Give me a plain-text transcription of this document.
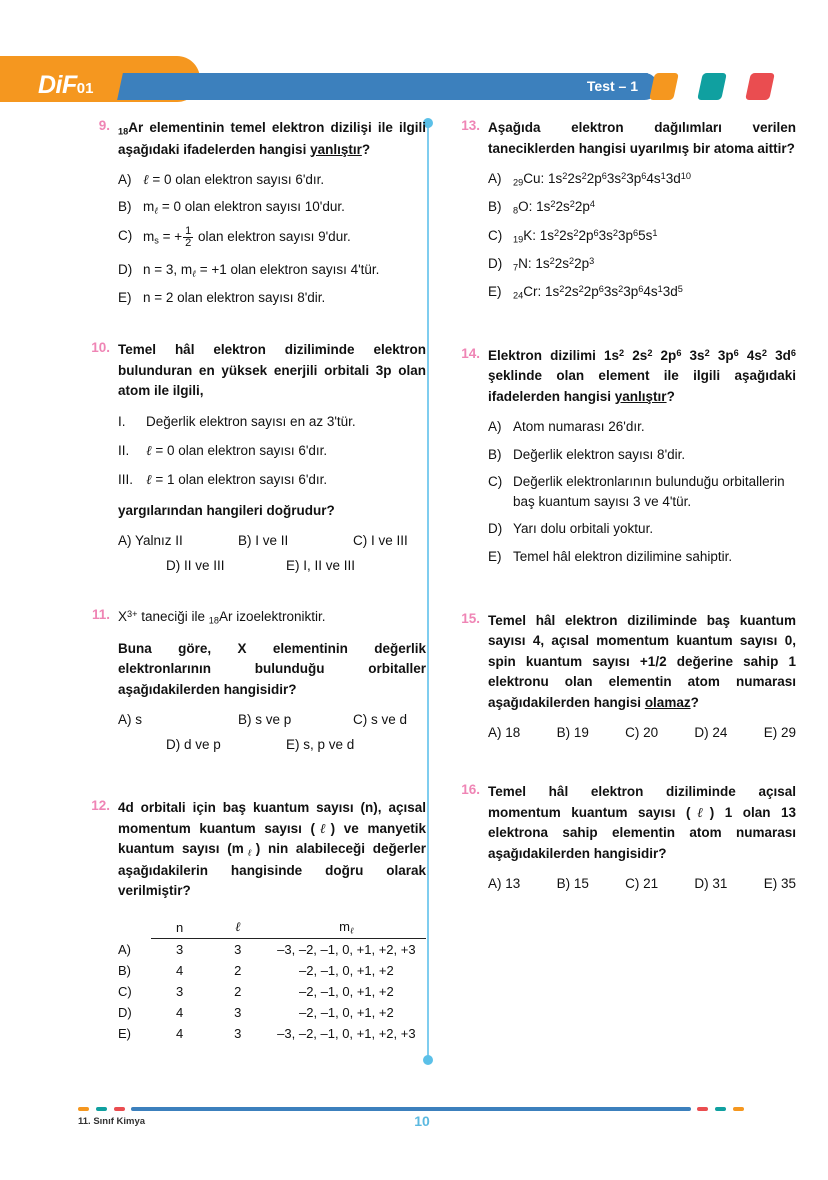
DiF01	Test – 1
9. $_{18}$Ar elementinin temel elektron dizilişi ile ilgili aşağıdaki ifadelerden hangisi yanlıştır?
A) ℓ = 0 olan elektron sayısı 6'dır.
B) $m_\ell = 0$ olan elektron sayısı 10'dur.
C) $m_s$ = + $\frac{1}{2}$ olan elektron sayısı 9'dur.
D) n = 3, $m_\ell = +1$ olan elektron sayısı 4'tür.
E) n = 2 olan elektron sayısı 8'dir.
10. Temel hâl elektron diziliminde elektron bulunduran en yüksek enerjili orbitali 3p olan atom ile ilgili,
I. Değerlik elektron sayısı en az 3'tür.
II. ℓ = 0 olan elektron sayısı 6'dır.
III. ℓ = 1 olan elektron sayısı 6'dır.
yargılarından hangileri doğrudur?
A) Yalnız II	B) I ve II	C) I ve III
D) II ve III	E) I, II ve III
11. $X^{3+}$ taneciği ile $_{18}$Ar izoelektroniktir.
Buna göre, X elementinin değerlik elektronlarının bulunduğu orbitaller aşağıdakilerden hangisidir?
A) s	B) s ve p	C) s ve d
D) d ve p	E) s, p ve d
12. 4d orbitali için baş kuantum sayısı (n), açısal momentum kuantum sayısı (ℓ) ve manyetik kuantum sayısı $(m_\ell)$ nin alabileceği değerler aşağıdakilerin hangisinde doğru olarak verilmiştir?
	n	ℓ	$m_\ell$
A)	3	3	–3, –2, –1, 0, +1, +2, +3
B)	4	2	–2, –1, 0, +1, +2
C)	3	2	–2, –1, 0, +1, +2
D)	4	3	–2, –1, 0, +1, +2
E)	4	3	–3, –2, –1, 0, +1, +2, +3
13. Aşağıda elektron dağılımları verilen taneciklerden hangisi uyarılmış bir atoma aittir?
A) 29Cu: $1s^22s^22p^63s^23p^64s^13d^{10}$
B) 8O: $1s^22s^22p^4$
C) 19K: $1s^22s^22p^63s^23p^65s^1$
D) 7N: $1s^22s^22p^3$
E) 24Cr: $1s^22s^22p^63s^23p^64s^13d^5$
14. Elektron dizilimi $1s^2$ $2s^2$ $2p^6$ $3s^2$ $3p^6$ $4s^2$ $3d^6$ şeklinde olan element ile ilgili aşağıdaki ifadelerden hangisi yanlıştır?
A) Atom numarası 26'dır.
B) Değerlik elektron sayısı 8'dir.
C) Değerlik elektronlarının bulunduğu orbitallerin baş kuantum sayısı 3 ve 4'tür.
D) Yarı dolu orbitali yoktur.
E) Temel hâl elektron dizilimine sahiptir.
15. Temel hâl elektron diziliminde baş kuantum sayısı 4, açısal momentum kuantum sayısı 0, spin kuantum sayısı +1/2 değerine sahip 1 elektronu olan elementin atom numarası aşağıdakilerden hangisi olamaz?
A) 18	B) 19	C) 20	D) 24	E) 29
16. Temel hâl elektron diziliminde açısal momentum kuantum sayısı (ℓ) 1 olan 13 elektrona sahip elementin atom numarası aşağıdakilerden hangisidir?
A) 13	B) 15	C) 21	D) 31	E) 35
11. Sınıf Kimya	10
